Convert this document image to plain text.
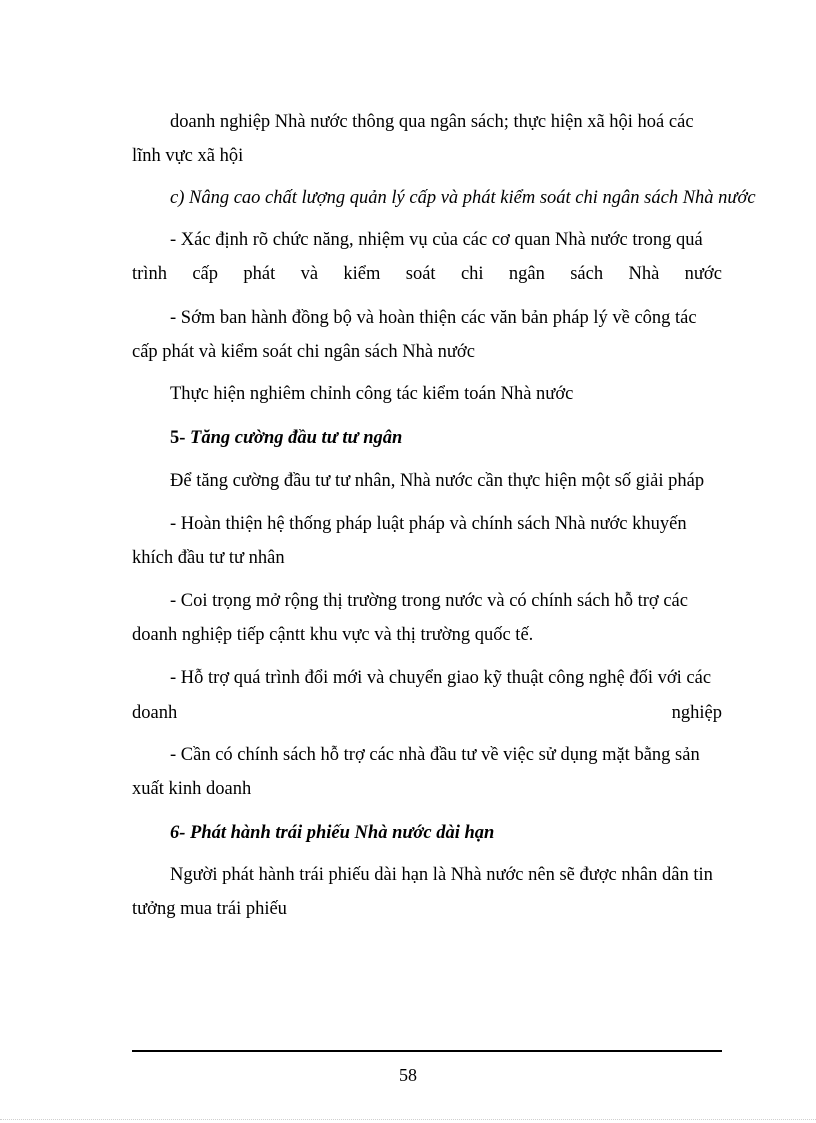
doanh nghiệp Nhà nước thông qua ngân sách; thực hiện xã hội hoá các
lĩnh vực xã hội
c) Nâng cao chất lượng quản lý cấp và phát kiểm soát chi ngân sách Nhà nước
- Xác định rõ chức năng, nhiệm vụ của các cơ quan Nhà nước trong quá
trình cấp phát và kiểm soát chi ngân sách Nhà nước
- Sớm ban hành đồng bộ và hoàn thiện các văn bản pháp lý về công tác
cấp phát và kiểm soát chi ngân sách Nhà nước
Thực hiện nghiêm chỉnh công tác kiểm toán Nhà nước
5- Tăng cường đầu tư tư ngân
Để tăng cường đầu tư tư nhân, Nhà nước cần thực hiện một số giải pháp
- Hoàn thiện hệ thống pháp luật pháp và chính sách Nhà nước khuyến
khích đầu tư tư nhân
- Coi trọng mở rộng thị trường trong nước và có chính sách hỗ trợ các
doanh nghiệp tiếp cậntt khu vực và thị trường quốc tế.
- Hỗ trợ quá trình đổi mới và chuyển giao kỹ thuật công nghệ đối với các
doanh	nghiệp
- Cần có chính sách hỗ trợ các nhà đầu tư về việc sử dụng mặt bằng sản
xuất kinh doanh
6- Phát hành trái phiếu Nhà nước dài hạn
Người phát hành trái phiếu dài hạn là Nhà nước nên sẽ được nhân dân tin
tưởng mua trái phiếu
58
